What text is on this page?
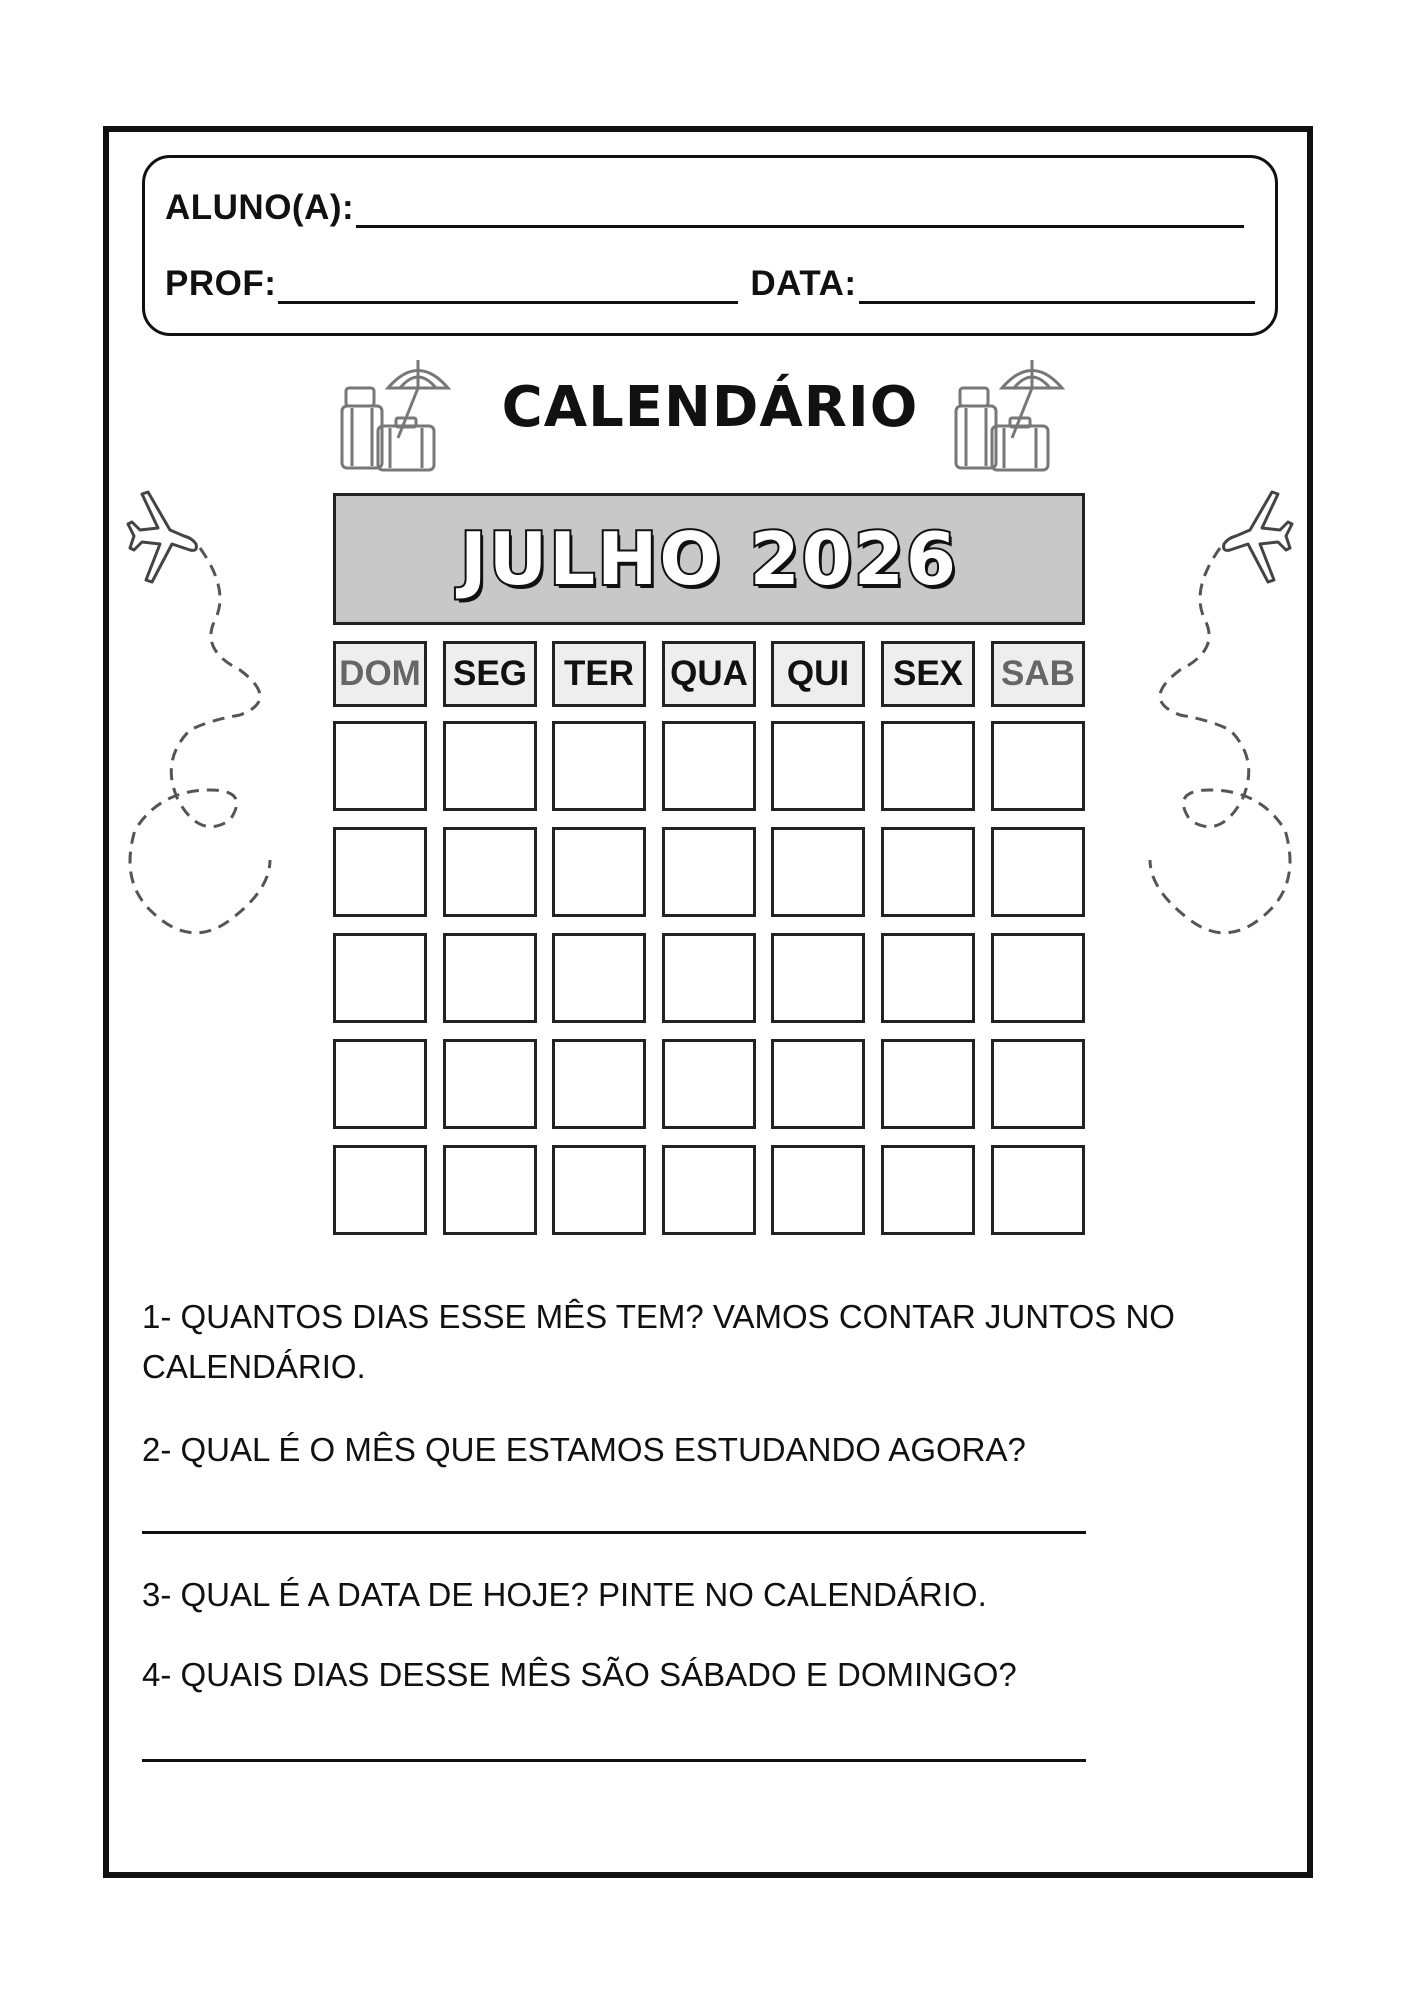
ALUNO(A):
PROF:	DATA:
CALENDÁRIO
JULHO 2026
DOM SEG	TER	QUA	QUI	SEX	SAB
1- QUANTOS DIAS ESSE MÊS TEM? VAMOS CONTAR JUNTOS NO CALENDÁRIO.
2- QUAL É O MÊS QUE ESTAMOS ESTUDANDO AGORA?
3- QUAL É A DATA DE HOJE? PINTE NO CALENDÁRIO.
4- QUAIS DIAS DESSE MÊS SÃO SÁBADO E DOMINGO?
